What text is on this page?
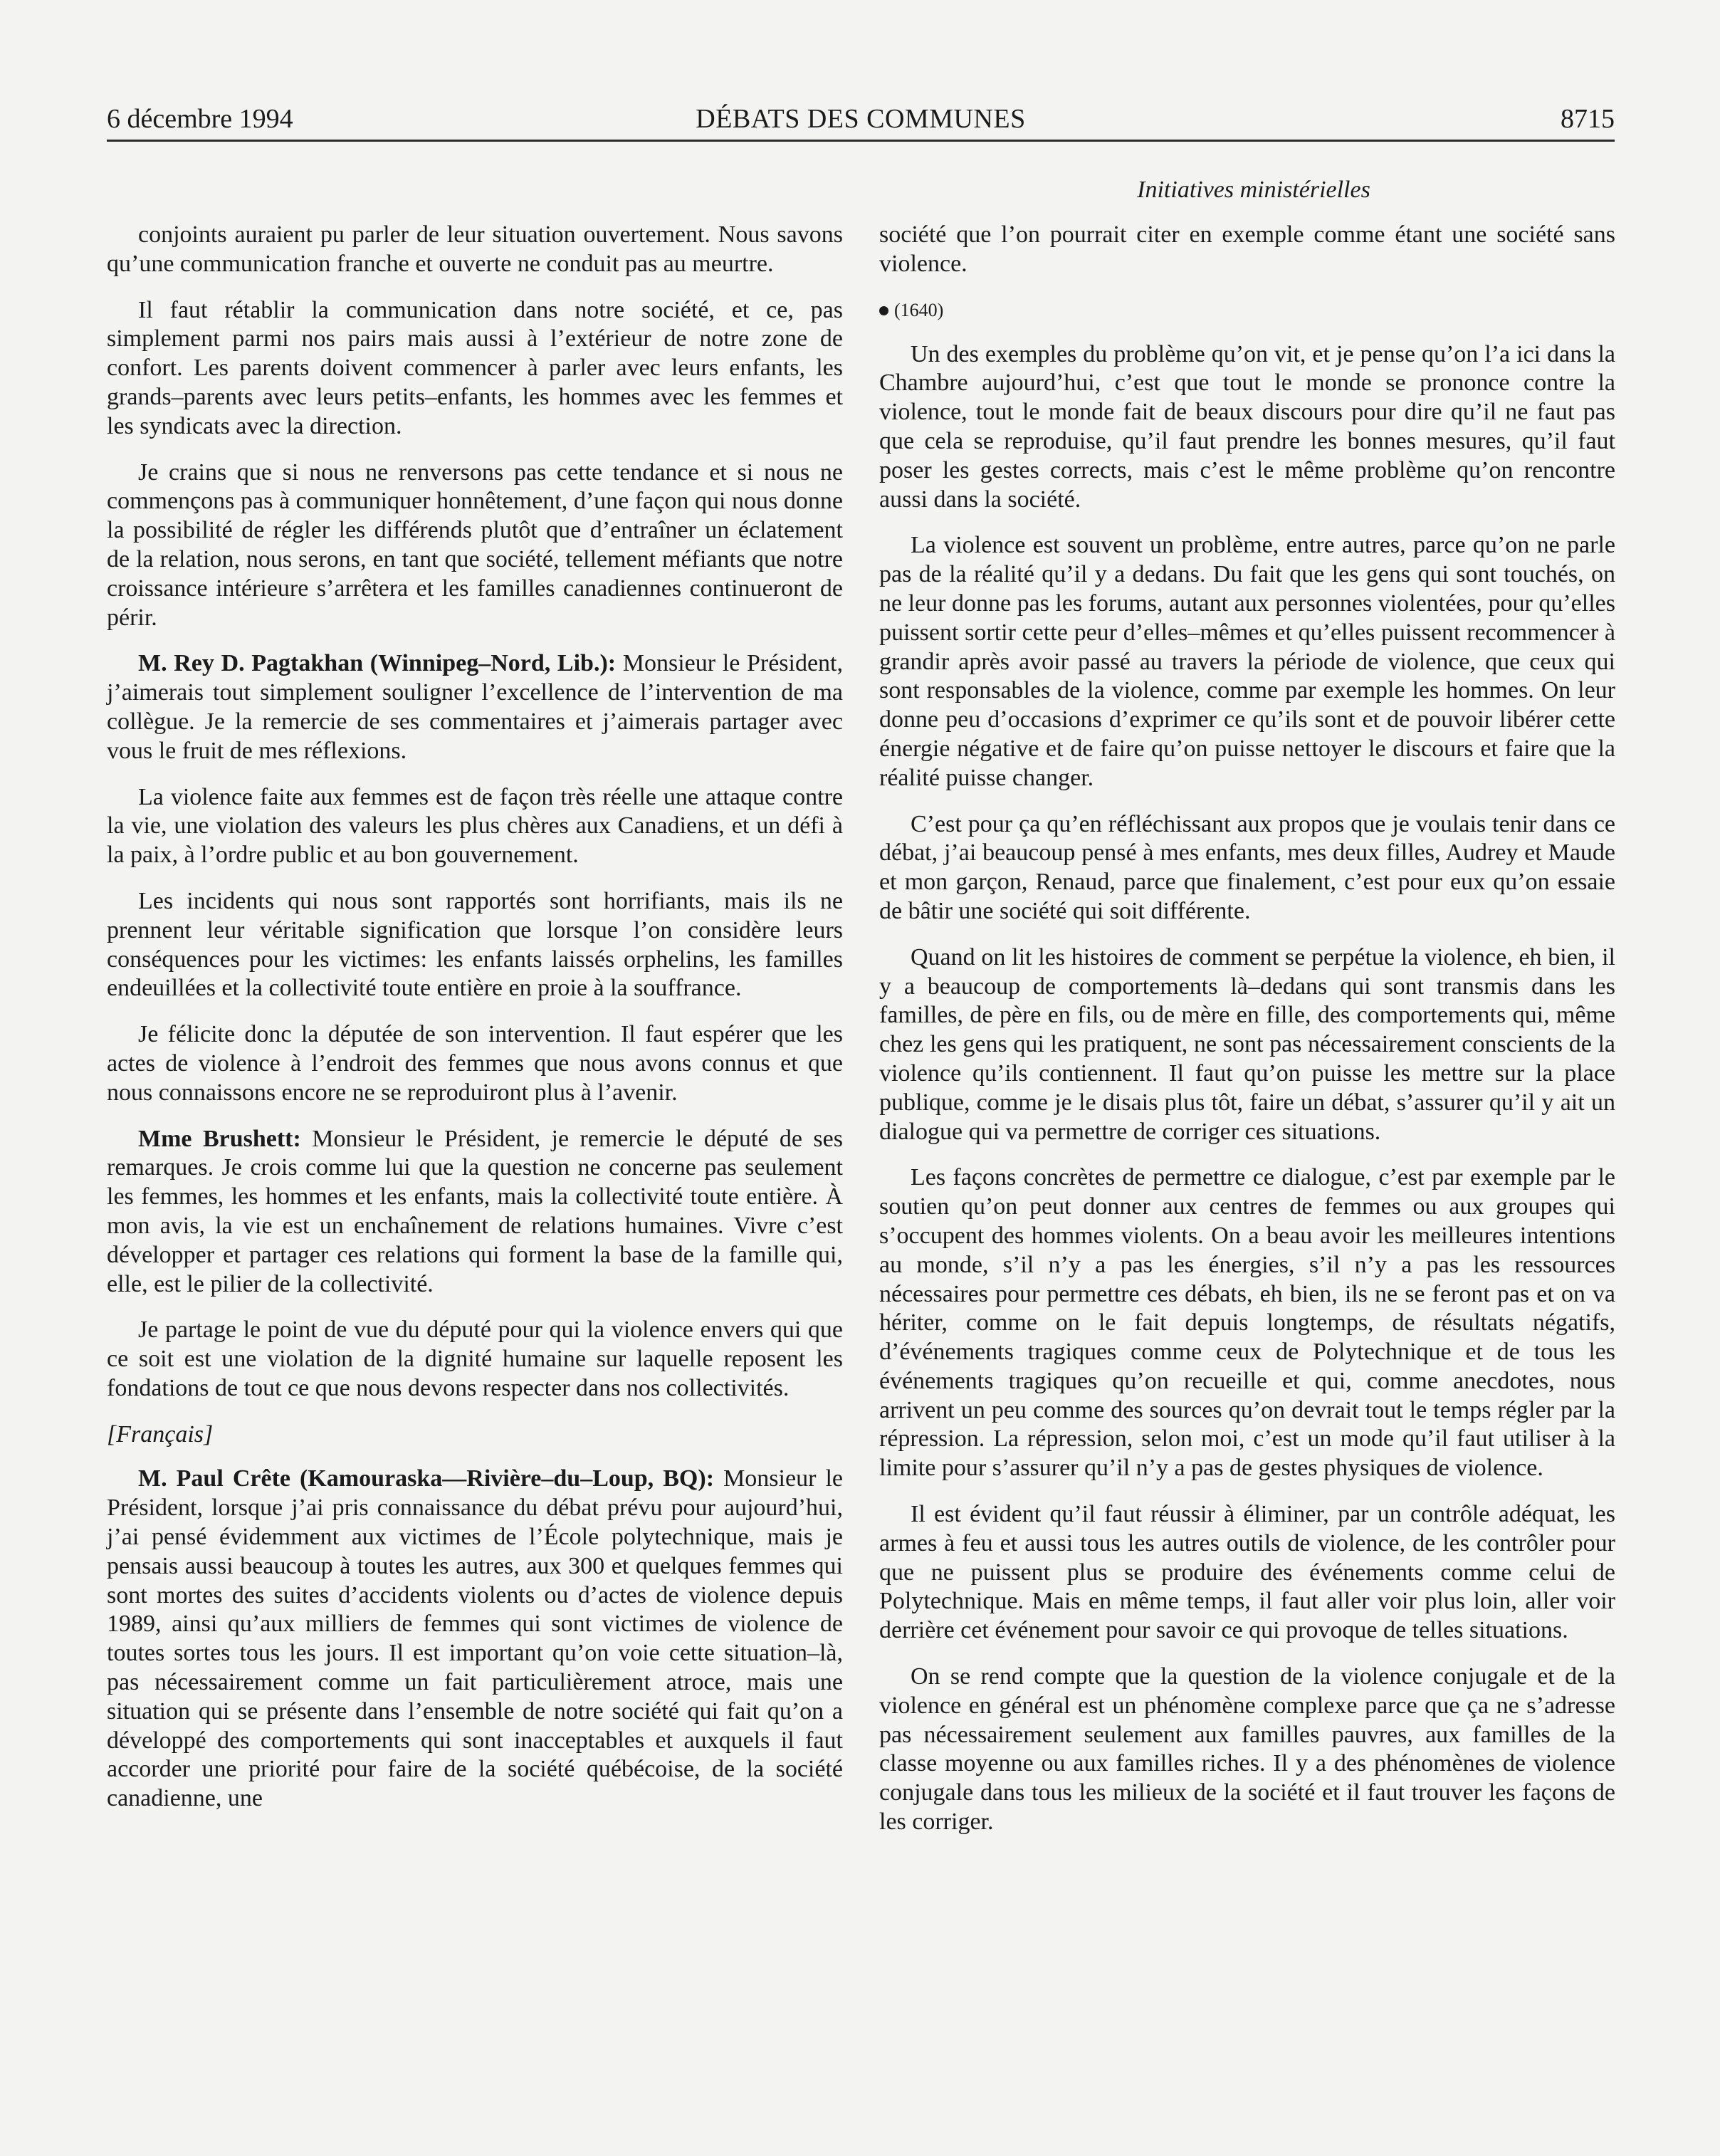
6 décembre 1994	DÉBATS DES COMMUNES	8715
Initiatives ministérielles

conjoints auraient pu parler de leur situation ouvertement. Nous savons qu’une communication franche et ouverte ne conduit pas au meurtre.

Il faut rétablir la communication dans notre société, et ce, pas simplement parmi nos pairs mais aussi à l’extérieur de notre zone de confort. Les parents doivent commencer à parler avec leurs enfants, les grands–parents avec leurs petits–enfants, les hommes avec les femmes et les syndicats avec la direction.

Je crains que si nous ne renversons pas cette tendance et si nous ne commençons pas à communiquer honnêtement, d’une façon qui nous donne la possibilité de régler les différends plutôt que d’entraîner un éclatement de la relation, nous serons, en tant que société, tellement méfiants que notre croissance intérieure s’arrêtera et les familles canadiennes continueront de périr.

M. Rey D. Pagtakhan (Winnipeg–Nord, Lib.): Monsieur le Président, j’aimerais tout simplement souligner l’excellence de l’intervention de ma collègue. Je la remercie de ses commentaires et j’aimerais partager avec vous le fruit de mes réflexions.

La violence faite aux femmes est de façon très réelle une attaque contre la vie, une violation des valeurs les plus chères aux Canadiens, et un défi à la paix, à l’ordre public et au bon gouvernement.

Les incidents qui nous sont rapportés sont horrifiants, mais ils ne prennent leur véritable signification que lorsque l’on considère leurs conséquences pour les victimes: les enfants laissés orphelins, les familles endeuillées et la collectivité toute entière en proie à la souffrance.

Je félicite donc la députée de son intervention. Il faut espérer que les actes de violence à l’endroit des femmes que nous avons connus et que nous connaissons encore ne se reproduiront plus à l’avenir.

Mme Brushett: Monsieur le Président, je remercie le député de ses remarques. Je crois comme lui que la question ne concerne pas seulement les femmes, les hommes et les enfants, mais la collectivité toute entière. À mon avis, la vie est un enchaînement de relations humaines. Vivre c’est développer et partager ces relations qui forment la base de la famille qui, elle, est le pilier de la collectivité.

Je partage le point de vue du député pour qui la violence envers qui que ce soit est une violation de la dignité humaine sur laquelle reposent les fondations de tout ce que nous devons respecter dans nos collectivités.

[Français]

M. Paul Crête (Kamouraska—Rivière–du–Loup, BQ): Monsieur le Président, lorsque j’ai pris connaissance du débat prévu pour aujourd’hui, j’ai pensé évidemment aux victimes de l’École polytechnique, mais je pensais aussi beaucoup à toutes les autres, aux 300 et quelques femmes qui sont mortes des suites d’accidents violents ou d’actes de violence depuis 1989, ainsi qu’aux milliers de femmes qui sont victimes de violence de toutes sortes tous les jours. Il est important qu’on voie cette situation–là, pas nécessairement comme un fait particulièrement atroce, mais une situation qui se présente dans l’ensemble de notre société qui fait qu’on a développé des comportements qui sont inacceptables et auxquels il faut accorder une priorité pour faire de la société québécoise, de la société canadienne, une

société que l’on pourrait citer en exemple comme étant une société sans violence.

(1640)

Un des exemples du problème qu’on vit, et je pense qu’on l’a ici dans la Chambre aujourd’hui, c’est que tout le monde se prononce contre la violence, tout le monde fait de beaux discours pour dire qu’il ne faut pas que cela se reproduise, qu’il faut prendre les bonnes mesures, qu’il faut poser les gestes corrects, mais c’est le même problème qu’on rencontre aussi dans la société.

La violence est souvent un problème, entre autres, parce qu’on ne parle pas de la réalité qu’il y a dedans. Du fait que les gens qui sont touchés, on ne leur donne pas les forums, autant aux personnes violentées, pour qu’elles puissent sortir cette peur d’elles–mêmes et qu’elles puissent recommencer à grandir après avoir passé au travers la période de violence, que ceux qui sont responsables de la violence, comme par exemple les hommes. On leur donne peu d’occasions d’exprimer ce qu’ils sont et de pouvoir libérer cette énergie négative et de faire qu’on puisse nettoyer le discours et faire que la réalité puisse changer.

C’est pour ça qu’en réfléchissant aux propos que je voulais tenir dans ce débat, j’ai beaucoup pensé à mes enfants, mes deux filles, Audrey et Maude et mon garçon, Renaud, parce que finalement, c’est pour eux qu’on essaie de bâtir une société qui soit différente.

Quand on lit les histoires de comment se perpétue la violence, eh bien, il y a beaucoup de comportements là–dedans qui sont transmis dans les familles, de père en fils, ou de mère en fille, des comportements qui, même chez les gens qui les pratiquent, ne sont pas nécessairement conscients de la violence qu’ils contiennent. Il faut qu’on puisse les mettre sur la place publique, comme je le disais plus tôt, faire un débat, s’assurer qu’il y ait un dialogue qui va permettre de corriger ces situations.

Les façons concrètes de permettre ce dialogue, c’est par exemple par le soutien qu’on peut donner aux centres de femmes ou aux groupes qui s’occupent des hommes violents. On a beau avoir les meilleures intentions au monde, s’il n’y a pas les énergies, s’il n’y a pas les ressources nécessaires pour permettre ces débats, eh bien, ils ne se feront pas et on va hériter, comme on le fait depuis longtemps, de résultats négatifs, d’événements tragiques comme ceux de Polytechnique et de tous les événements tragiques qu’on recueille et qui, comme anecdotes, nous arrivent un peu comme des sources qu’on devrait tout le temps régler par la répression. La répression, selon moi, c’est un mode qu’il faut utiliser à la limite pour s’assurer qu’il n’y a pas de gestes physiques de violence.

Il est évident qu’il faut réussir à éliminer, par un contrôle adéquat, les armes à feu et aussi tous les autres outils de violence, de les contrôler pour que ne puissent plus se produire des événements comme celui de Polytechnique. Mais en même temps, il faut aller voir plus loin, aller voir derrière cet événement pour savoir ce qui provoque de telles situations.

On se rend compte que la question de la violence conjugale et de la violence en général est un phénomène complexe parce que ça ne s’adresse pas nécessairement seulement aux familles pauvres, aux familles de la classe moyenne ou aux familles riches. Il y a des phénomènes de violence conjugale dans tous les milieux de la société et il faut trouver les façons de les corriger.
